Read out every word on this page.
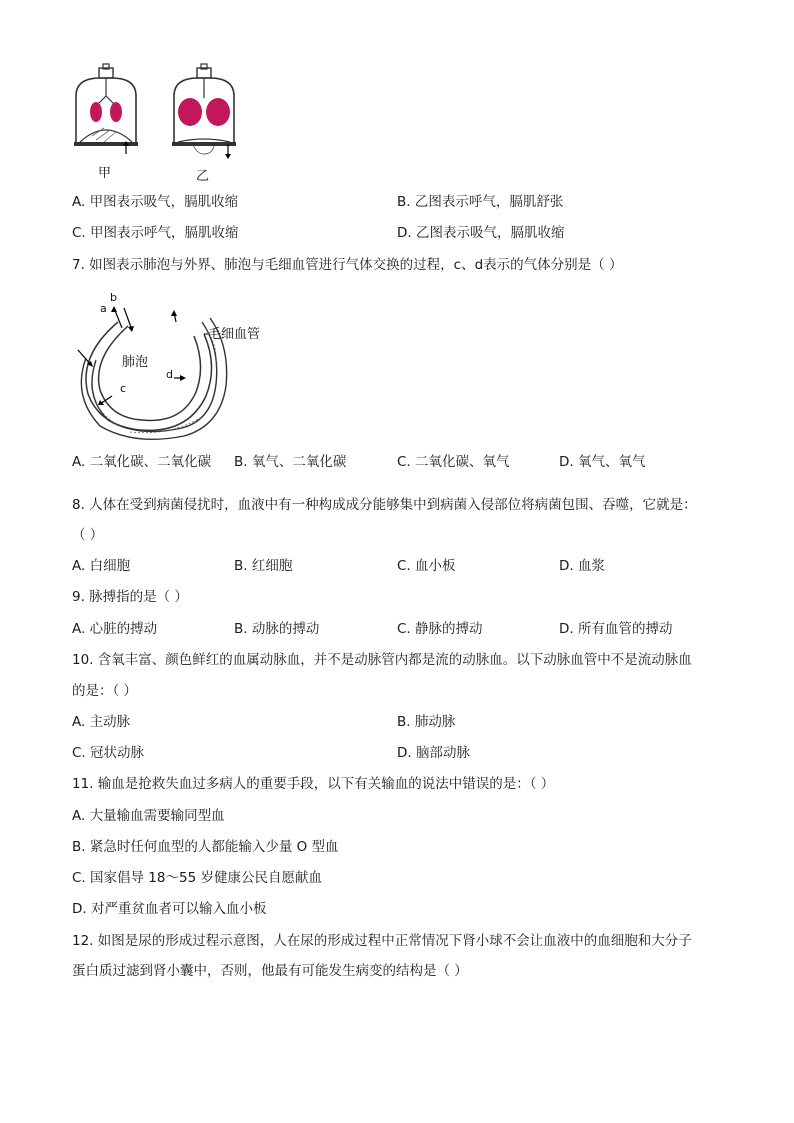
甲	乙
A. 甲图表示吸气，膈肌收缩	B. 乙图表示呼气，膈肌舒张
C. 甲图表示呼气，膈肌收缩	D. 乙图表示吸气，膈肌收缩
7. 如图表示肺泡与外界、肺泡与毛细血管进行气体交换的过程，c、d表示的气体分别是（ ）
a
b
c
d
肺泡
毛细血管
A. 二氧化碳、二氧化碳 B. 氧气、二氧化碳	C. 二氧化碳、氧气	D. 氧气、氧气
8. 人体在受到病菌侵扰时，血液中有一种构成成分能够集中到病菌入侵部位将病菌包围、吞噬，它就是：
（ ）
A. 白细胞	B. 红细胞	C. 血小板	D. 血浆
9. 脉搏指的是（ ）
A. 心脏的搏动	B. 动脉的搏动	C. 静脉的搏动	D. 所有血管的搏动
10. 含氧丰富、颜色鲜红的血属动脉血，并不是动脉管内都是流的动脉血。以下动脉血管中不是流动脉血
的是：（ ）
A. 主动脉	B. 肺动脉
C. 冠状动脉	D. 脑部动脉
11. 输血是抢救失血过多病人的重要手段，以下有关输血的说法中错误的是：（ ）
A. 大量输血需要输同型血
B. 紧急时任何血型的人都能输入少量 O 型血
C. 国家倡导 18～55 岁健康公民自愿献血
D. 对严重贫血者可以输入血小板
12. 如图是尿的形成过程示意图，人在尿的形成过程中正常情况下肾小球不会让血液中的血细胞和大分子
蛋白质过滤到肾小囊中，否则，他最有可能发生病变的结构是（ ）
